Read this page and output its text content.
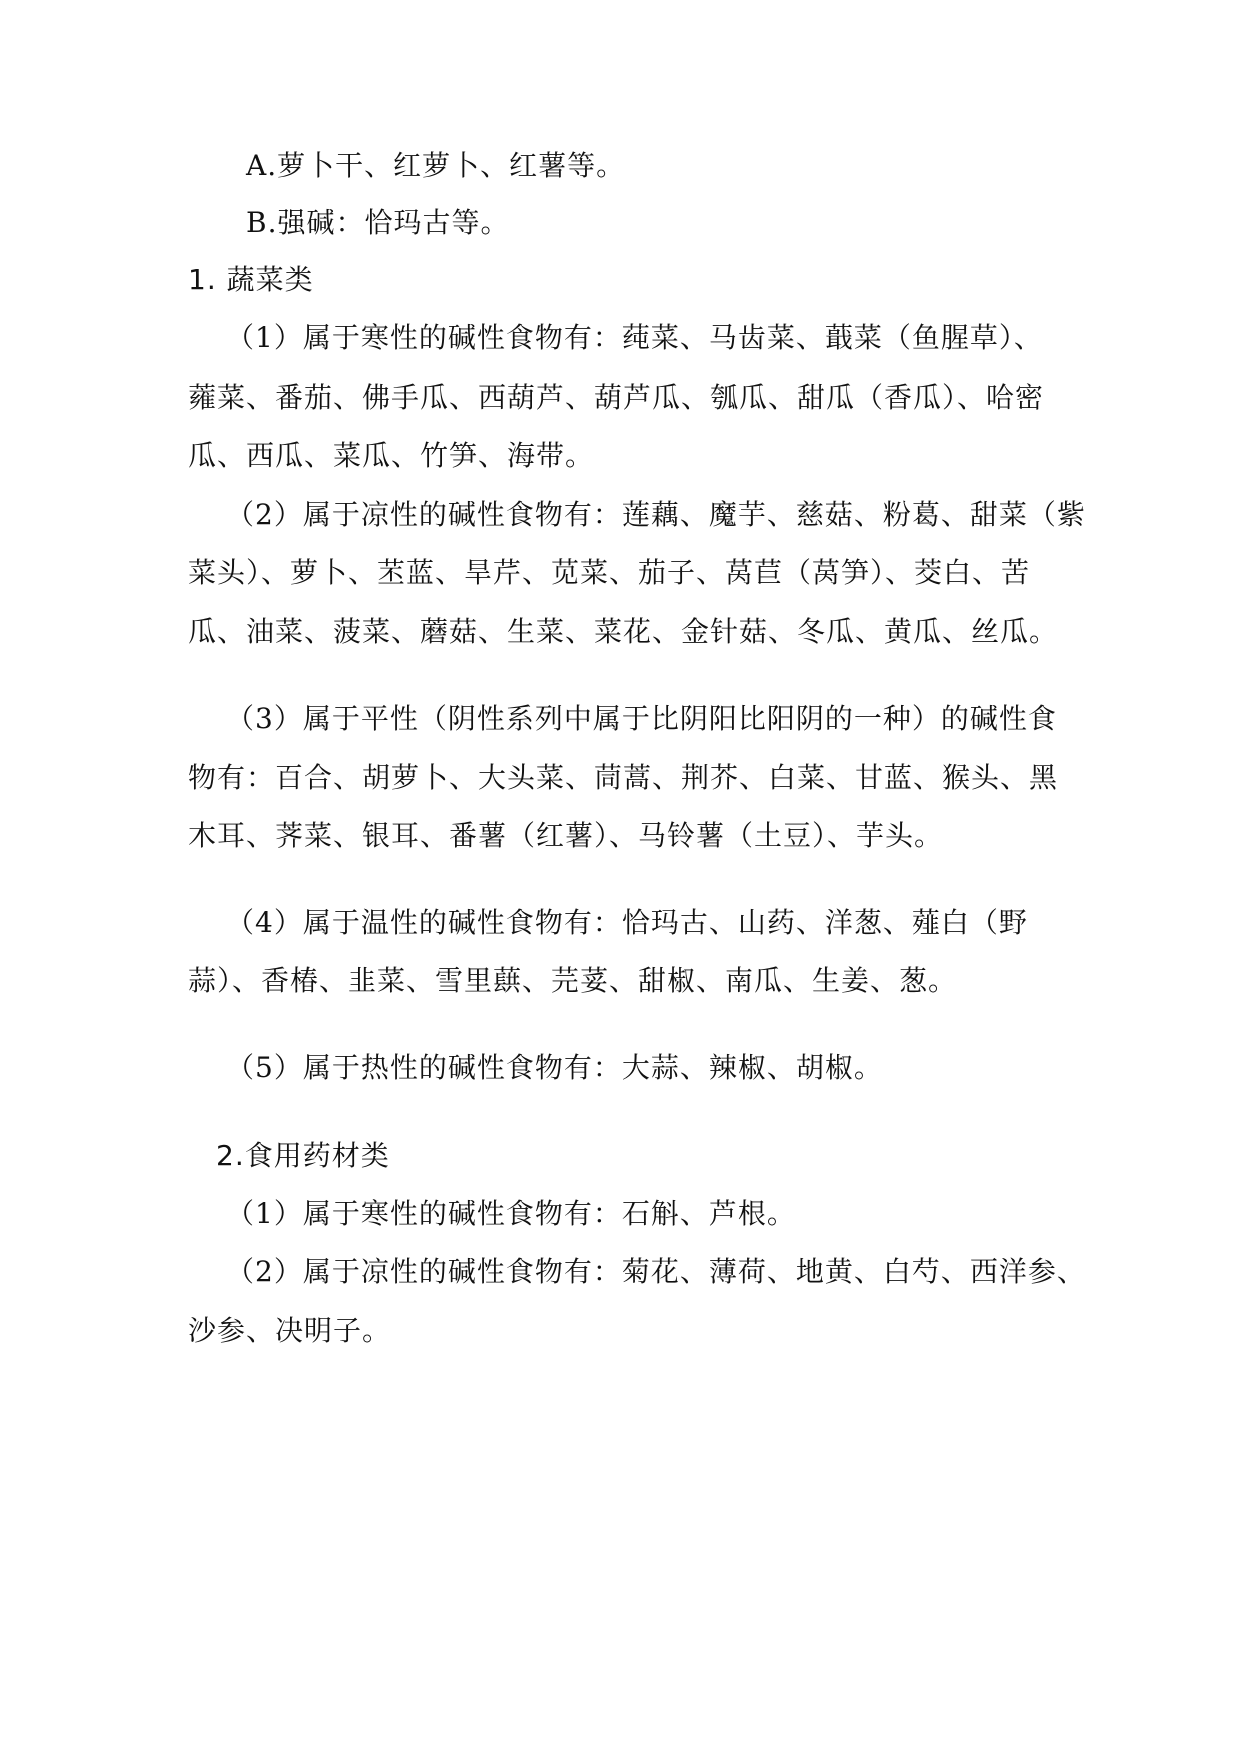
A.萝卜干、红萝卜、红薯等。
B.强碱：恰玛古等。
1. 蔬菜类
（1）属于寒性的碱性食物有：莼菜、马齿菜、蕺菜（鱼腥草）、
蕹菜、番茄、佛手瓜、西葫芦、葫芦瓜、瓠瓜、甜瓜（香瓜）、哈密
瓜、西瓜、菜瓜、竹笋、海带。
（2）属于凉性的碱性食物有：莲藕、魔芋、慈菇、粉葛、甜菜（紫
菜头）、萝卜、苤蓝、旱芹、苋菜、茄子、莴苣（莴笋）、茭白、苦
瓜、油菜、菠菜、蘑菇、生菜、菜花、金针菇、冬瓜、黄瓜、丝瓜。
（3）属于平性（阴性系列中属于比阴阳比阳阴的一种）的碱性食
物有：百合、胡萝卜、大头菜、茼蒿、荆芥、白菜、甘蓝、猴头、黑
木耳、荠菜、银耳、番薯（红薯）、马铃薯（土豆）、芋头。
（4）属于温性的碱性食物有：恰玛古、山药、洋葱、薤白（野
蒜）、香椿、韭菜、雪里蕻、芫荽、甜椒、南瓜、生姜、葱。
（5）属于热性的碱性食物有：大蒜、辣椒、胡椒。
2.食用药材类
（1）属于寒性的碱性食物有：石斛、芦根。
（2）属于凉性的碱性食物有：菊花、薄荷、地黄、白芍、西洋参、
沙参、决明子。
